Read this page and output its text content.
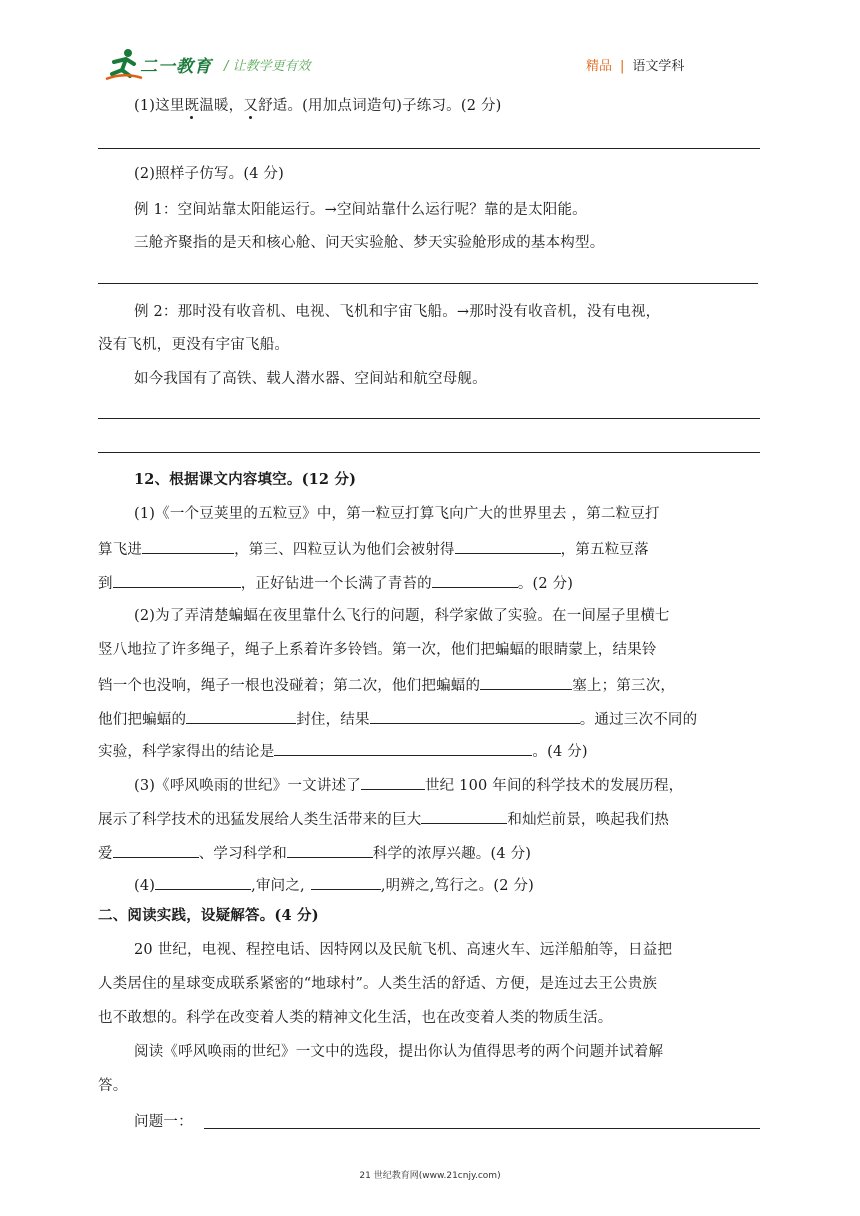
二一教育 / 让教学更有效	精品 | 语文学科
(1)这里既温暖，又舒适。(用加点词造句)子练习。(2 分)
(2)照样子仿写。(4 分)
例 1：空间站靠太阳能运行。→空间站靠什么运行呢？靠的是太阳能。
三舱齐聚指的是天和核心舱、问天实验舱、梦天实验舱形成的基本构型。
例 2：那时没有收音机、电视、飞机和宇宙飞船。→那时没有收音机，没有电视，
没有飞机，更没有宇宙飞船。
如今我国有了高铁、载人潜水器、空间站和航空母舰。
12、根据课文内容填空。(12 分)
(1)《一个豆荚里的五粒豆》中，第一粒豆打算飞向广大的世界里去 ，第二粒豆打
算飞进	，第三、四粒豆认为他们会被射得	，第五粒豆落
到	，正好钻进一个长满了青苔的	。(2 分)
(2)为了弄清楚蝙蝠在夜里靠什么飞行的问题，科学家做了实验。在一间屋子里横七
竖八地拉了许多绳子，绳子上系着许多铃铛。第一次，他们把蝙蝠的眼睛蒙上，结果铃
铛一个也没响，绳子一根也没碰着；第二次，他们把蝙蝠的	塞上；第三次，
他们把蝙蝠的	封住，结果	。通过三次不同的
实验，科学家得出的结论是	。(4 分)
(3)《呼风唤雨的世纪》一文讲述了	世纪 100 年间的科学技术的发展历程，
展示了科学技术的迅猛发展给人类生活带来的巨大	和灿烂前景，唤起我们热
爱	、学习科学和	科学的浓厚兴趣。(4 分)
(4)	,审问之,	,明辨之,笃行之。(2 分)
二、阅读实践，设疑解答。(4 分)
20 世纪，电视、程控电话、因特网以及民航飞机、高速火车、远洋船舶等，日益把
人类居住的星球变成联系紧密的“地球村”。人类生活的舒适、方便，是连过去王公贵族
也不敢想的。科学在改变着人类的精神文化生活，也在改变着人类的物质生活。
阅读《呼风唤雨的世纪》一文中的选段，提出你认为值得思考的两个问题并试着解
答。
问题一：
21 世纪教育网(www.21cnjy.com)
